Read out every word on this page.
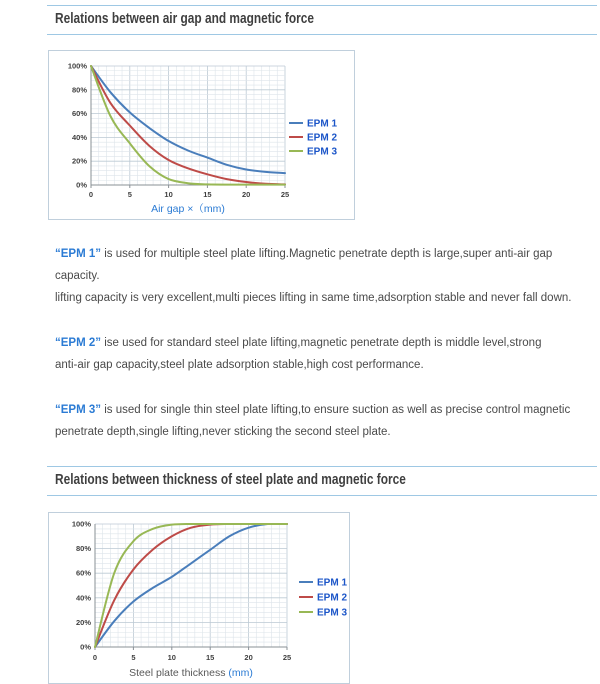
Relations between air gap and magnetic force
0%
20%
40%
60%
80%
100%
0	5	10	15	20	25
Air gap ×（mm)
EPM 1
EPM 2
EPM 3

“EPM 1” is used for multiple steel plate lifting.Magnetic penetrate depth is large,super anti-air gap capacity.
lifting capacity is very excellent,multi pieces lifting in same time,adsorption stable and never fall down.

“EPM 2” ise used for standard steel plate lifting,magnetic penetrate depth is middle level,strong
anti-air gap capacity,steel plate adsorption stable,high cost performance.

“EPM 3” is used for single thin steel plate lifting,to ensure suction as well as precise control magnetic
penetrate depth,single lifting,never sticking the second steel plate.

Relations between thickness of steel plate and magnetic force
0%
20%
40%
60%
80%
100%
0	5	10	15	20	25
Steel plate thickness (mm)
EPM 1
EPM 2
EPM 3
